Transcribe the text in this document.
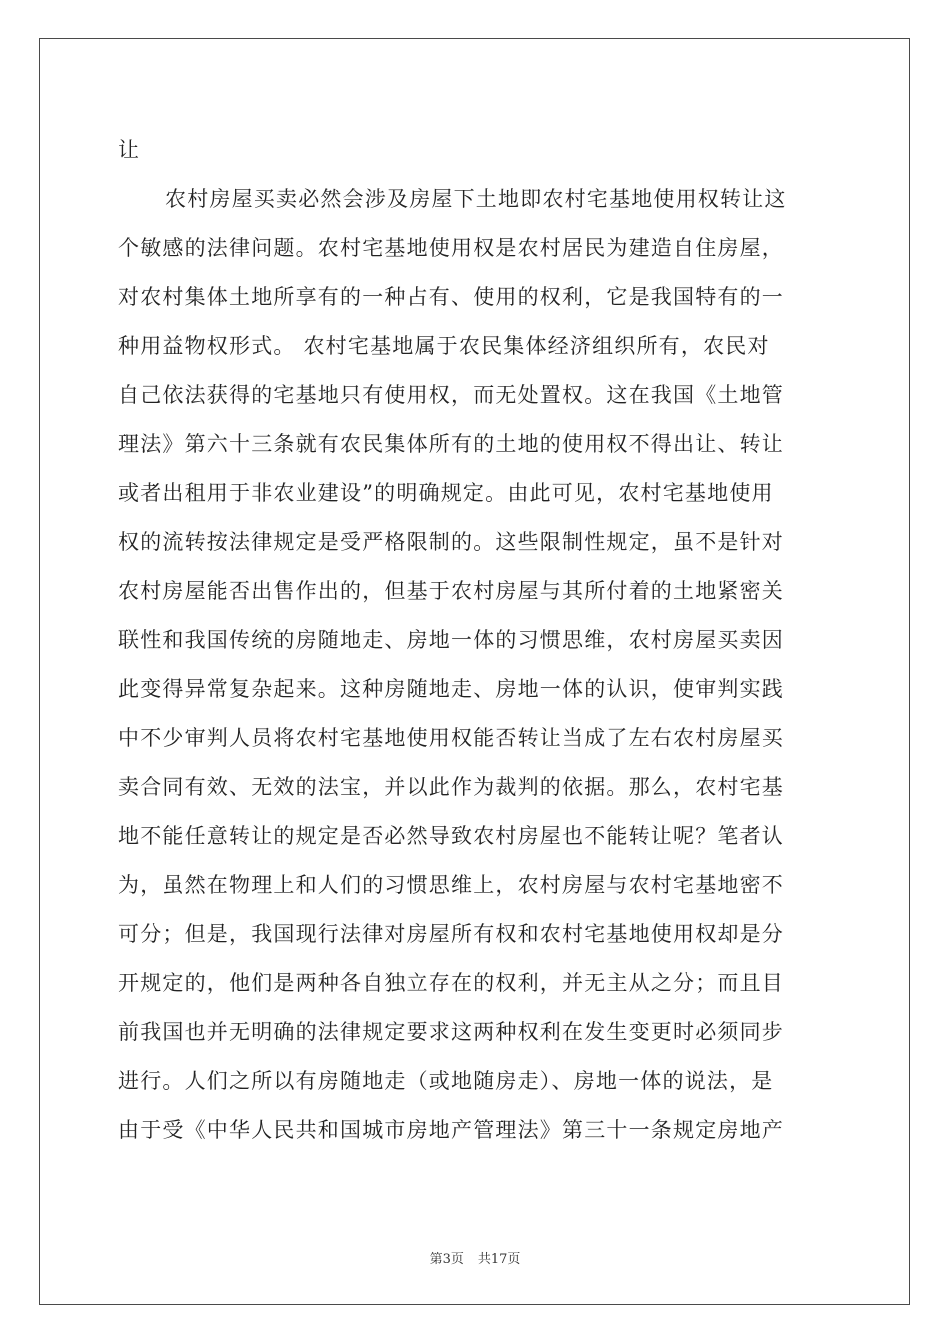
让
农村房屋买卖必然会涉及房屋下土地即农村宅基地使用权转让这
个敏感的法律问题。农村宅基地使用权是农村居民为建造自住房屋，
对农村集体土地所享有的一种占有、使用的权利，它是我国特有的一
种用益物权形式。 农村宅基地属于农民集体经济组织所有，农民对
自己依法获得的宅基地只有使用权，而无处置权。这在我国《土地管
理法》第六十三条就有农民集体所有的土地的使用权不得出让、转让
或者出租用于非农业建设”的明确规定。由此可见，农村宅基地使用
权的流转按法律规定是受严格限制的。这些限制性规定，虽不是针对
农村房屋能否出售作出的，但基于农村房屋与其所付着的土地紧密关
联性和我国传统的房随地走、房地一体的习惯思维，农村房屋买卖因
此变得异常复杂起来。这种房随地走、房地一体的认识，使审判实践
中不少审判人员将农村宅基地使用权能否转让当成了左右农村房屋买
卖合同有效、无效的法宝，并以此作为裁判的依据。那么，农村宅基
地不能任意转让的规定是否必然导致农村房屋也不能转让呢？笔者认
为，虽然在物理上和人们的习惯思维上，农村房屋与农村宅基地密不
可分；但是，我国现行法律对房屋所有权和农村宅基地使用权却是分
开规定的，他们是两种各自独立存在的权利，并无主从之分；而且目
前我国也并无明确的法律规定要求这两种权利在发生变更时必须同步
进行。人们之所以有房随地走（或地随房走）、房地一体的说法，是
由于受《中华人民共和国城市房地产管理法》第三十一条规定房地产
第3页 共17页
